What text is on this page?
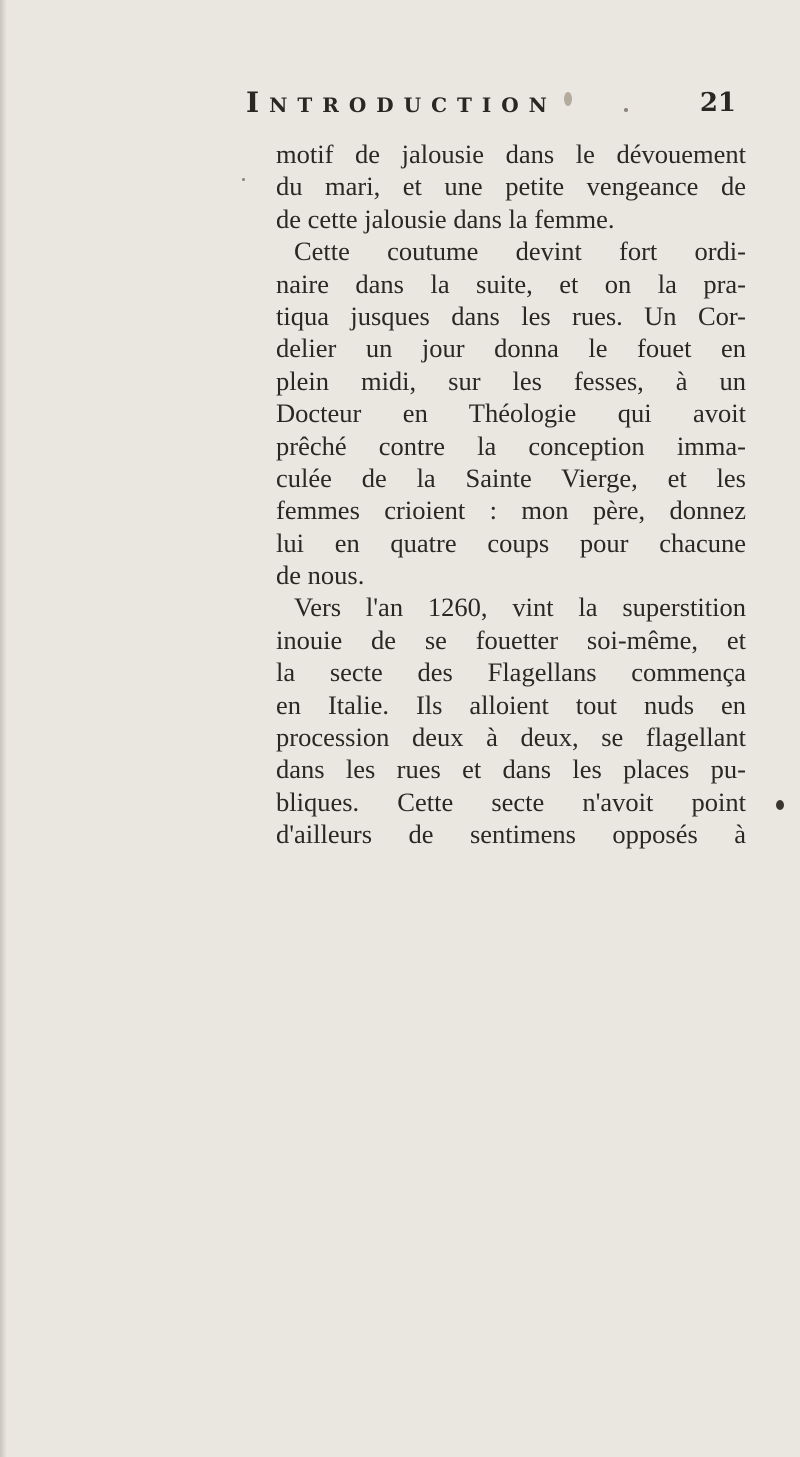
Introduction	21
motif de jalousie dans le dévouement
du mari, et une petite vengeance de
de cette jalousie dans la femme.
Cette coutume devint fort ordi-
naire dans la suite, et on la pra-
tiqua jusques dans les rues. Un Cor-
delier un jour donna le fouet en
plein midi, sur les fesses, à un
Docteur en Théologie qui avoit
prêché contre la conception imma-
culée de la Sainte Vierge, et les
femmes crioient : mon père, donnez
lui en quatre coups pour chacune
de nous.
Vers l'an 1260, vint la superstition
inouie de se fouetter soi-même, et
la secte des Flagellans commença
en Italie. Ils alloient tout nuds en
procession deux à deux, se flagellant
dans les rues et dans les places pu-
bliques. Cette secte n'avoit point
d'ailleurs de sentimens opposés à
